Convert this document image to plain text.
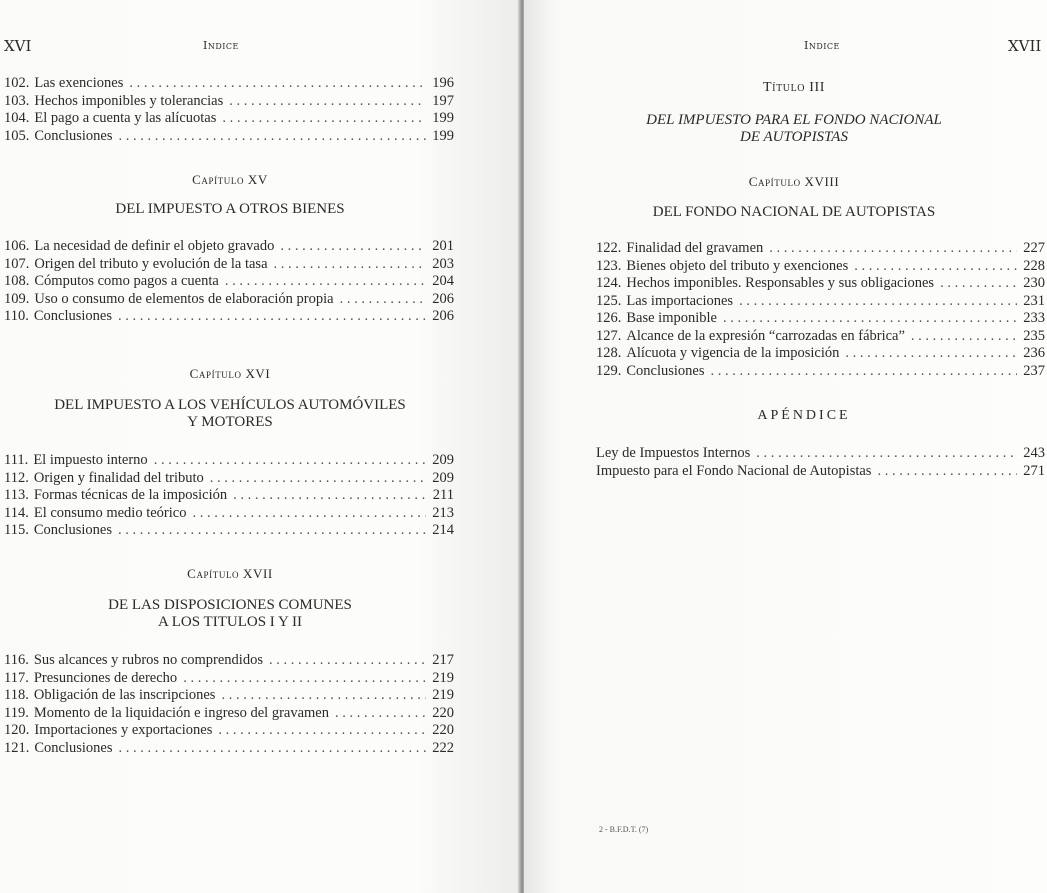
XVI	Indice
102. Las exenciones . . .	196
103. Hechos imponibles y tolerancias . . .	197
104. El pago a cuenta y las alícuotas . . .	199
105. Conclusiones . . .	199
Capítulo XV
DEL IMPUESTO A OTROS BIENES
106. La necesidad de definir el objeto gravado . . .	201
107. Origen del tributo y evolución de la tasa . . .	203
108. Cómputos como pagos a cuenta . . .	204
109. Uso o consumo de elementos de elaboración propia . . .	206
110. Conclusiones . . .	206
Capítulo XVI
DEL IMPUESTO A LOS VEHÍCULOS AUTOMÓVILES
Y MOTORES
111. El impuesto interno . . .	209
112. Origen y finalidad del tributo . . .	209
113. Formas técnicas de la imposición . . .	211
114. El consumo medio teórico . . .	213
115. Conclusiones . . .	214
Capítulo XVII
DE LAS DISPOSICIONES COMUNES
A LOS TITULOS I Y II
116. Sus alcances y rubros no comprendidos . . .	217
117. Presunciones de derecho . . .	219
118. Obligación de las inscripciones . . .	219
119. Momento de la liquidación e ingreso del gravamen . . .	220
120. Importaciones y exportaciones . . .	220
121. Conclusiones . . .	222
Indice	XVII
Título III
DEL IMPUESTO PARA EL FONDO NACIONAL
DE AUTOPISTAS
Capítulo XVIII
DEL FONDO NACIONAL DE AUTOPISTAS
122. Finalidad del gravamen . . .	227
123. Bienes objeto del tributo y exenciones . . .	228
124. Hechos imponibles. Responsables y sus obligaciones . . .	230
125. Las importaciones . . .	231
126. Base imponible . . .	233
127. Alcance de la expresión “carrozadas en fábrica” . . .	235
128. Alícuota y vigencia de la imposición . . .	236
129. Conclusiones . . .	237
APÉNDICE
Ley de Impuestos Internos . . .	243
Impuesto para el Fondo Nacional de Autopistas . . .	271
2 - B.F.D.T. (7)
